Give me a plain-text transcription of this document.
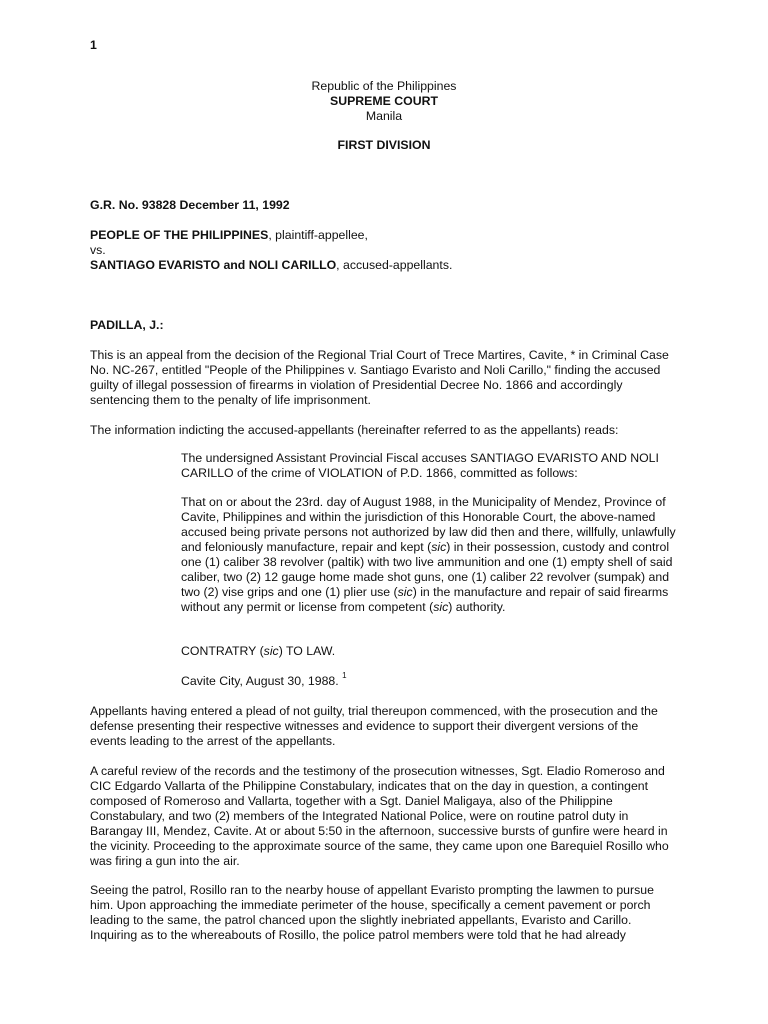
1
Republic of the Philippines
SUPREME COURT
Manila
FIRST DIVISION
G.R. No. 93828 December 11, 1992
PEOPLE OF THE PHILIPPINES, plaintiff-appellee,
vs.
SANTIAGO EVARISTO and NOLI CARILLO, accused-appellants.
PADILLA, J.:

This is an appeal from the decision of the Regional Trial Court of Trece Martires, Cavite, * in Criminal Case No. NC-267, entitled "People of the Philippines v. Santiago Evaristo and Noli Carillo," finding the accused guilty of illegal possession of firearms in violation of Presidential Decree No. 1866 and accordingly sentencing them to the penalty of life imprisonment.

The information indicting the accused-appellants (hereinafter referred to as the appellants) reads:

The undersigned Assistant Provincial Fiscal accuses SANTIAGO EVARISTO AND NOLI CARILLO of the crime of VIOLATION of P.D. 1866, committed as follows:

That on or about the 23rd. day of August 1988, in the Municipality of Mendez, Province of Cavite, Philippines and within the jurisdiction of this Honorable Court, the above-named accused being private persons not authorized by law did then and there, willfully, unlawfully and feloniously manufacture, repair and kept (sic) in their possession, custody and control one (1) caliber 38 revolver (paltik) with two live ammunition and one (1) empty shell of said caliber, two (2) 12 gauge home made shot guns, one (1) caliber 22 revolver (sumpak) and two (2) vise grips and one (1) plier use (sic) in the manufacture and repair of said firearms without any permit or license from competent (sic) authority.

CONTRATRY (sic) TO LAW.

Cavite City, August 30, 1988. $^1$

Appellants having entered a plead of not guilty, trial thereupon commenced, with the prosecution and the defense presenting their respective witnesses and evidence to support their divergent versions of the events leading to the arrest of the appellants.

A careful review of the records and the testimony of the prosecution witnesses, Sgt. Eladio Romeroso and CIC Edgardo Vallarta of the Philippine Constabulary, indicates that on the day in question, a contingent composed of Romeroso and Vallarta, together with a Sgt. Daniel Maligaya, also of the Philippine Constabulary, and two (2) members of the Integrated National Police, were on routine patrol duty in Barangay III, Mendez, Cavite. At or about 5:50 in the afternoon, successive bursts of gunfire were heard in the vicinity. Proceeding to the approximate source of the same, they came upon one Barequiel Rosillo who was firing a gun into the air.

Seeing the patrol, Rosillo ran to the nearby house of appellant Evaristo prompting the lawmen to pursue him. Upon approaching the immediate perimeter of the house, specifically a cement pavement or porch leading to the same, the patrol chanced upon the slightly inebriated appellants, Evaristo and Carillo. Inquiring as to the whereabouts of Rosillo, the police patrol members were told that he had already
